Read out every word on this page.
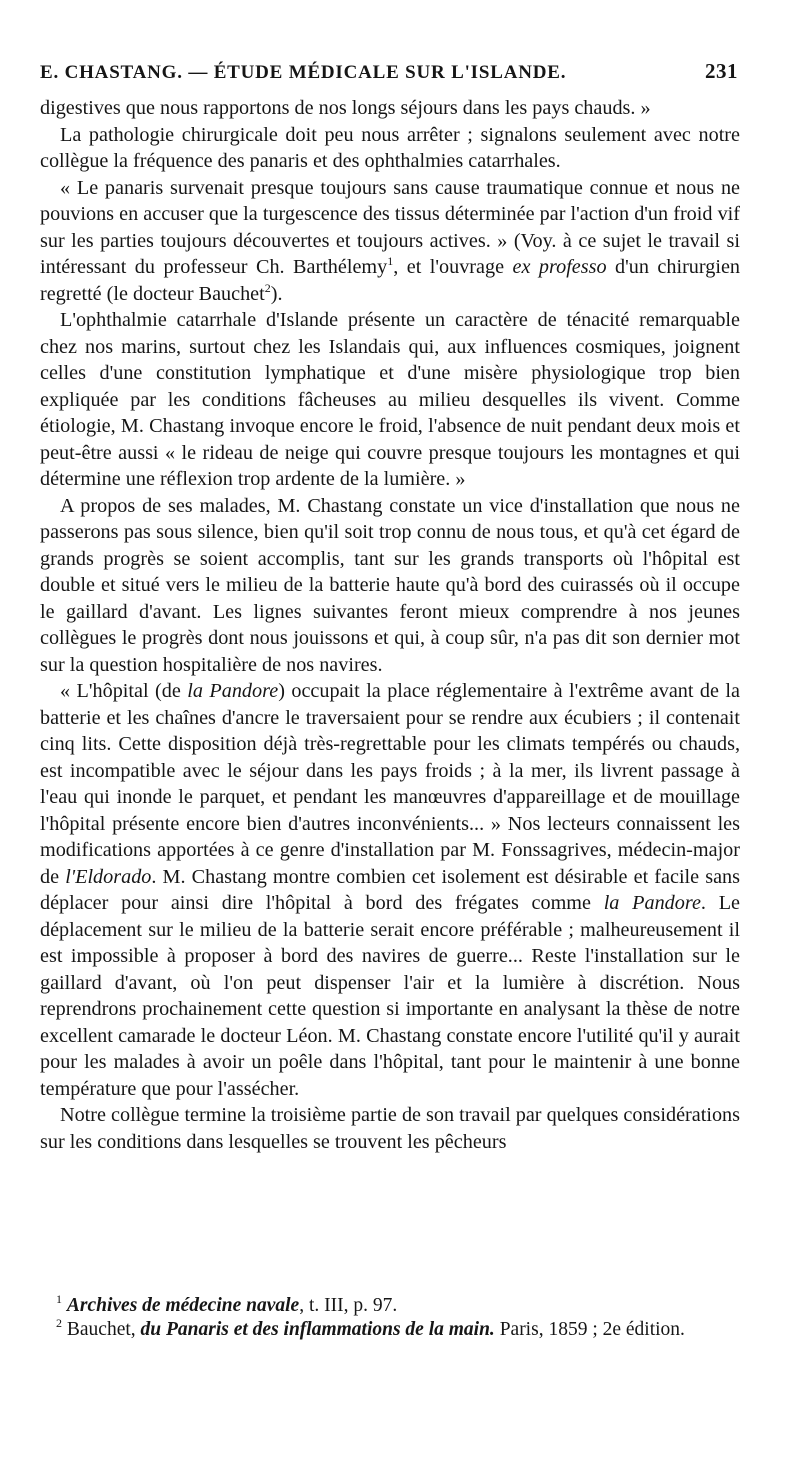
E. CHASTANG. — ÉTUDE MÉDICALE SUR L'ISLANDE.	231

digestives que nous rapportons de nos longs séjours dans les pays chauds. »

La pathologie chirurgicale doit peu nous arrêter ; signalons seulement avec notre collègue la fréquence des panaris et des ophthalmies catarrhales.

« Le panaris survenait presque toujours sans cause traumatique connue et nous ne pouvions en accuser que la turgescence des tissus déterminée par l'action d'un froid vif sur les parties toujours découvertes et toujours actives. » (Voy. à ce sujet le travail si intéressant du professeur Ch. Barthélemy$^1$, et l'ouvrage ex professo d'un chirurgien regretté (le docteur Bauchet$^2$).

L'ophthalmie catarrhale d'Islande présente un caractère de ténacité remarquable chez nos marins, surtout chez les Islandais qui, aux influences cosmiques, joignent celles d'une constitution lymphatique et d'une misère physiologique trop bien expliquée par les conditions fâcheuses au milieu desquelles ils vivent. Comme étiologie, M. Chastang invoque encore le froid, l'absence de nuit pendant deux mois et peut-être aussi « le rideau de neige qui couvre presque toujours les montagnes et qui détermine une réflexion trop ardente de la lumière. »

A propos de ses malades, M. Chastang constate un vice d'installation que nous ne passerons pas sous silence, bien qu'il soit trop connu de nous tous, et qu'à cet égard de grands progrès se soient accomplis, tant sur les grands transports où l'hôpital est double et situé vers le milieu de la batterie haute qu'à bord des cuirassés où il occupe le gaillard d'avant. Les lignes suivantes feront mieux comprendre à nos jeunes collègues le progrès dont nous jouissons et qui, à coup sûr, n'a pas dit son dernier mot sur la question hospitalière de nos navires.

« L'hôpital (de la Pandore) occupait la place réglementaire à l'extrême avant de la batterie et les chaînes d'ancre le traversaient pour se rendre aux écubiers ; il contenait cinq lits. Cette disposition déjà très-regrettable pour les climats tempérés ou chauds, est incompatible avec le séjour dans les pays froids ; à la mer, ils livrent passage à l'eau qui inonde le parquet, et pendant les manœuvres d'appareillage et de mouillage l'hôpital présente encore bien d'autres inconvénients... » Nos lecteurs connaissent les modifications apportées à ce genre d'installation par M. Fonssagrives, médecin-major de l'Eldorado. M. Chastang montre combien cet isolement est désirable et facile sans déplacer pour ainsi dire l'hôpital à bord des frégates comme la Pandore. Le déplacement sur le milieu de la batterie serait encore préférable ; malheureusement il est impossible à proposer à bord des navires de guerre... Reste l'installation sur le gaillard d'avant, où l'on peut dispenser l'air et la lumière à discrétion. Nous reprendrons prochainement cette question si importante en analysant la thèse de notre excellent camarade le docteur Léon. M. Chastang constate encore l'utilité qu'il y aurait pour les malades à avoir un poêle dans l'hôpital, tant pour le maintenir à une bonne température que pour l'assécher.

Notre collègue termine la troisième partie de son travail par quelques considérations sur les conditions dans lesquelles se trouvent les pêcheurs

$^1$ Archives de médecine navale, t. III, p. 97.

$^2$ Bauchet, du Panaris et des inflammations de la main. Paris, 1859 ; 2e édition.
